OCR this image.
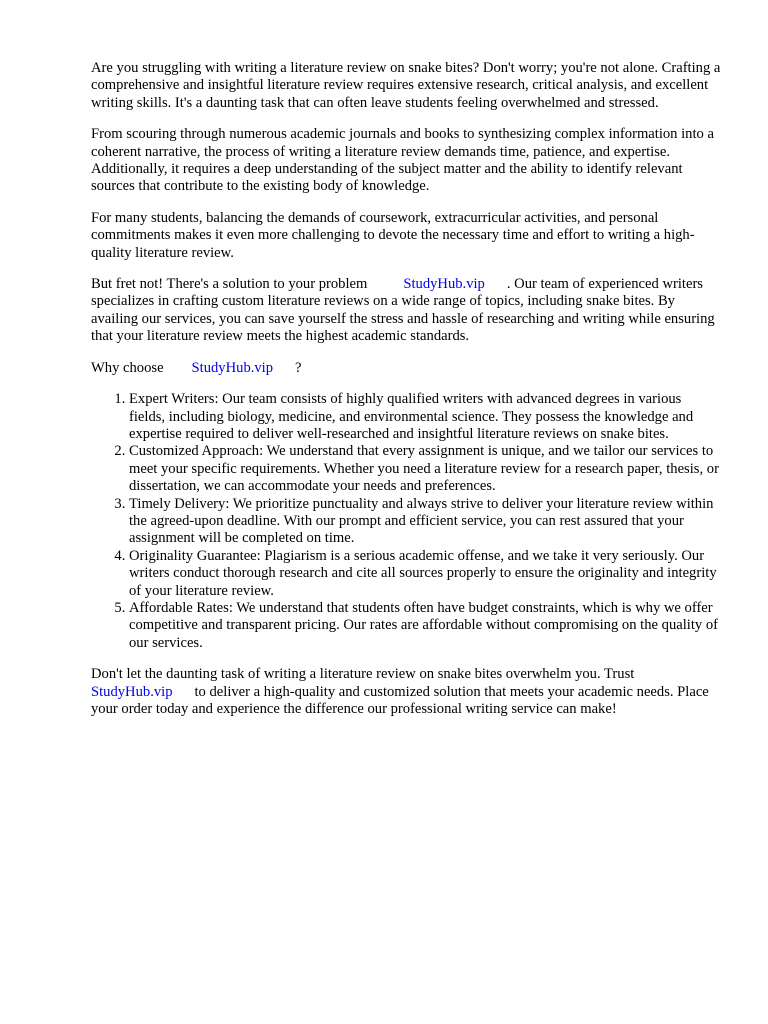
Are you struggling with writing a literature review on snake bites? Don't worry; you're not alone. Crafting a comprehensive and insightful literature review requires extensive research, critical analysis, and excellent writing skills. It's a daunting task that can often leave students feeling overwhelmed and stressed.

From scouring through numerous academic journals and books to synthesizing complex information into a coherent narrative, the process of writing a literature review demands time, patience, and expertise. Additionally, it requires a deep understanding of the subject matter and the ability to identify relevant sources that contribute to the existing body of knowledge.

For many students, balancing the demands of coursework, extracurricular activities, and personal commitments makes it even more challenging to devote the necessary time and effort to writing a high-quality literature review.

But fret not! There's a solution to your problem StudyHub.vip . Our team of experienced writers specializes in crafting custom literature reviews on a wide range of topics, including snake bites. By availing our services, you can save yourself the stress and hassle of researching and writing while ensuring that your literature review meets the highest academic standards.

Why choose StudyHub.vip ?

1. Expert Writers: Our team consists of highly qualified writers with advanced degrees in various fields, including biology, medicine, and environmental science. They possess the knowledge and expertise required to deliver well-researched and insightful literature reviews on snake bites.
2. Customized Approach: We understand that every assignment is unique, and we tailor our services to meet your specific requirements. Whether you need a literature review for a research paper, thesis, or dissertation, we can accommodate your needs and preferences.
3. Timely Delivery: We prioritize punctuality and always strive to deliver your literature review within the agreed-upon deadline. With our prompt and efficient service, you can rest assured that your assignment will be completed on time.
4. Originality Guarantee: Plagiarism is a serious academic offense, and we take it very seriously. Our writers conduct thorough research and cite all sources properly to ensure the originality and integrity of your literature review.
5. Affordable Rates: We understand that students often have budget constraints, which is why we offer competitive and transparent pricing. Our rates are affordable without compromising on the quality of our services.

Don't let the daunting task of writing a literature review on snake bites overwhelm you. Trust StudyHub.vip to deliver a high-quality and customized solution that meets your academic needs. Place your order today and experience the difference our professional writing service can make!
